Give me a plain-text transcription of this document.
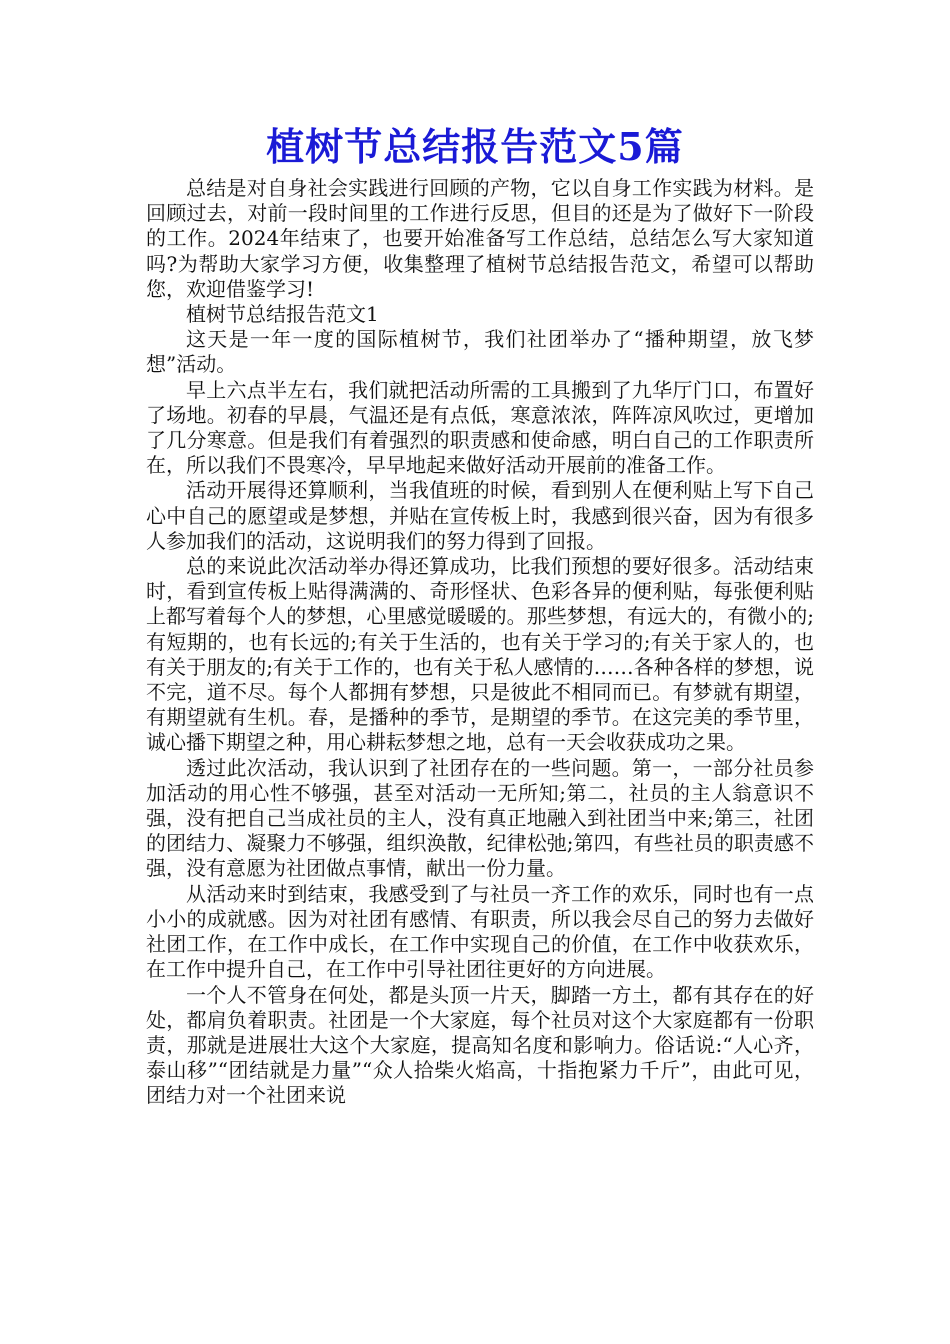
植树节总结报告范文5篇

总结是对自身社会实践进行回顾的产物，它以自身工作实践为材料。是回顾过去，对前一段时间里的工作进行反思，但目的还是为了做好下一阶段的工作。2024年结束了，也要开始准备写工作总结，总结怎么写大家知道吗?为帮助大家学习方便，收集整理了植树节总结报告范文，希望可以帮助您，欢迎借鉴学习!

植树节总结报告范文1

这天是一年一度的国际植树节，我们社团举办了“播种期望，放飞梦想”活动。

早上六点半左右，我们就把活动所需的工具搬到了九华厅门口，布置好了场地。初春的早晨，气温还是有点低，寒意浓浓，阵阵凉风吹过，更增加了几分寒意。但是我们有着强烈的职责感和使命感，明白自己的工作职责所在，所以我们不畏寒冷，早早地起来做好活动开展前的准备工作。

活动开展得还算顺利，当我值班的时候，看到别人在便利贴上写下自己心中自己的愿望或是梦想，并贴在宣传板上时，我感到很兴奋，因为有很多人参加我们的活动，这说明我们的努力得到了回报。

总的来说此次活动举办得还算成功，比我们预想的要好很多。活动结束时，看到宣传板上贴得满满的、奇形怪状、色彩各异的便利贴，每张便利贴上都写着每个人的梦想，心里感觉暖暖的。那些梦想，有远大的，有微小的;有短期的，也有长远的;有关于生活的，也有关于学习的;有关于家人的，也有关于朋友的;有关于工作的，也有关于私人感情的……各种各样的梦想，说不完，道不尽。每个人都拥有梦想，只是彼此不相同而已。有梦就有期望，有期望就有生机。春，是播种的季节，是期望的季节。在这完美的季节里，诚心播下期望之种，用心耕耘梦想之地，总有一天会收获成功之果。

透过此次活动，我认识到了社团存在的一些问题。第一，一部分社员参加活动的用心性不够强，甚至对活动一无所知;第二，社员的主人翁意识不强，没有把自己当成社员的主人，没有真正地融入到社团当中来;第三，社团的团结力、凝聚力不够强，组织涣散，纪律松弛;第四，有些社员的职责感不强，没有意愿为社团做点事情，献出一份力量。

从活动来时到结束，我感受到了与社员一齐工作的欢乐，同时也有一点小小的成就感。因为对社团有感情、有职责，所以我会尽自己的努力去做好社团工作，在工作中成长，在工作中实现自己的价值，在工作中收获欢乐，在工作中提升自己，在工作中引导社团往更好的方向进展。

一个人不管身在何处，都是头顶一片天，脚踏一方土，都有其存在的好处，都肩负着职责。社团是一个大家庭，每个社员对这个大家庭都有一份职责，那就是进展壮大这个大家庭，提高知名度和影响力。俗话说:“人心齐，泰山移”“团结就是力量”“众人拾柴火焰高，十指抱紧力千斤”，由此可见，团结力对一个社团来说
